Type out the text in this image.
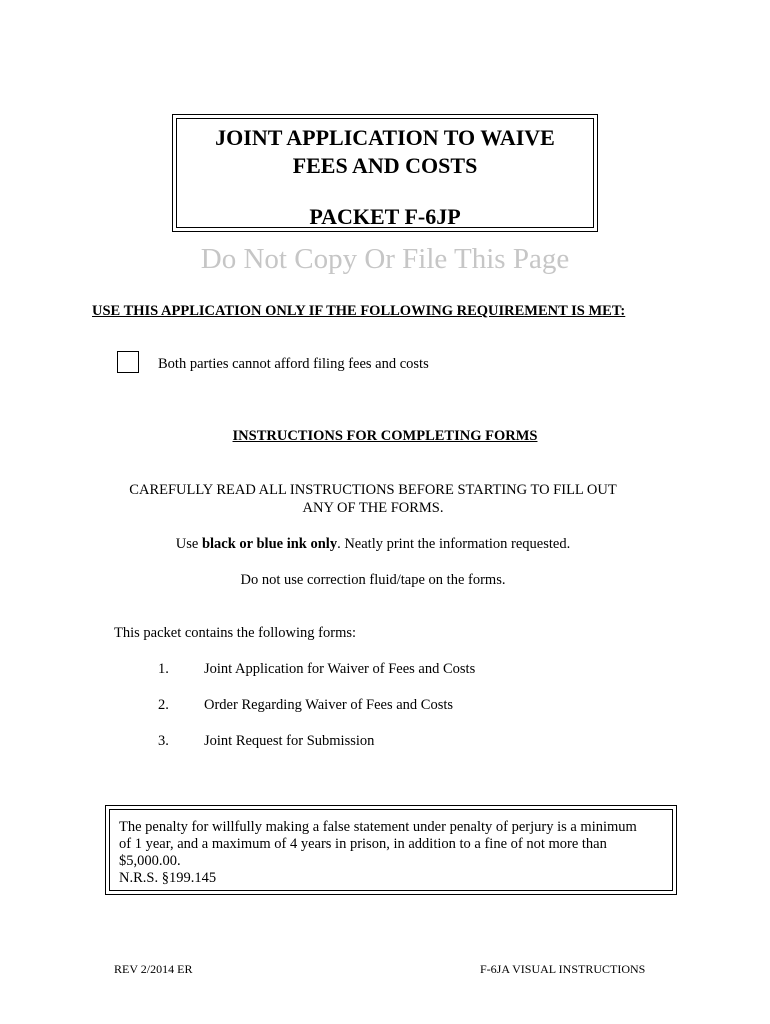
JOINT APPLICATION TO WAIVE
FEES AND COSTS
PACKET F-6JP
Do Not Copy Or File This Page
USE THIS APPLICATION ONLY IF THE FOLLOWING REQUIREMENT IS MET:
Both parties cannot afford filing fees and costs
INSTRUCTIONS FOR COMPLETING FORMS
CAREFULLY READ ALL INSTRUCTIONS BEFORE STARTING TO FILL OUT
ANY OF THE FORMS.
Use black or blue ink only. Neatly print the information requested.
Do not use correction fluid/tape on the forms.
This packet contains the following forms:
1. Joint Application for Waiver of Fees and Costs
2. Order Regarding Waiver of Fees and Costs
3. Joint Request for Submission
The penalty for willfully making a false statement under penalty of perjury is a minimum
of 1 year, and a maximum of 4 years in prison, in addition to a fine of not more than
$5,000.00.
N.R.S. §199.145
REV 2/2014 ER	F-6JA VISUAL INSTRUCTIONS
